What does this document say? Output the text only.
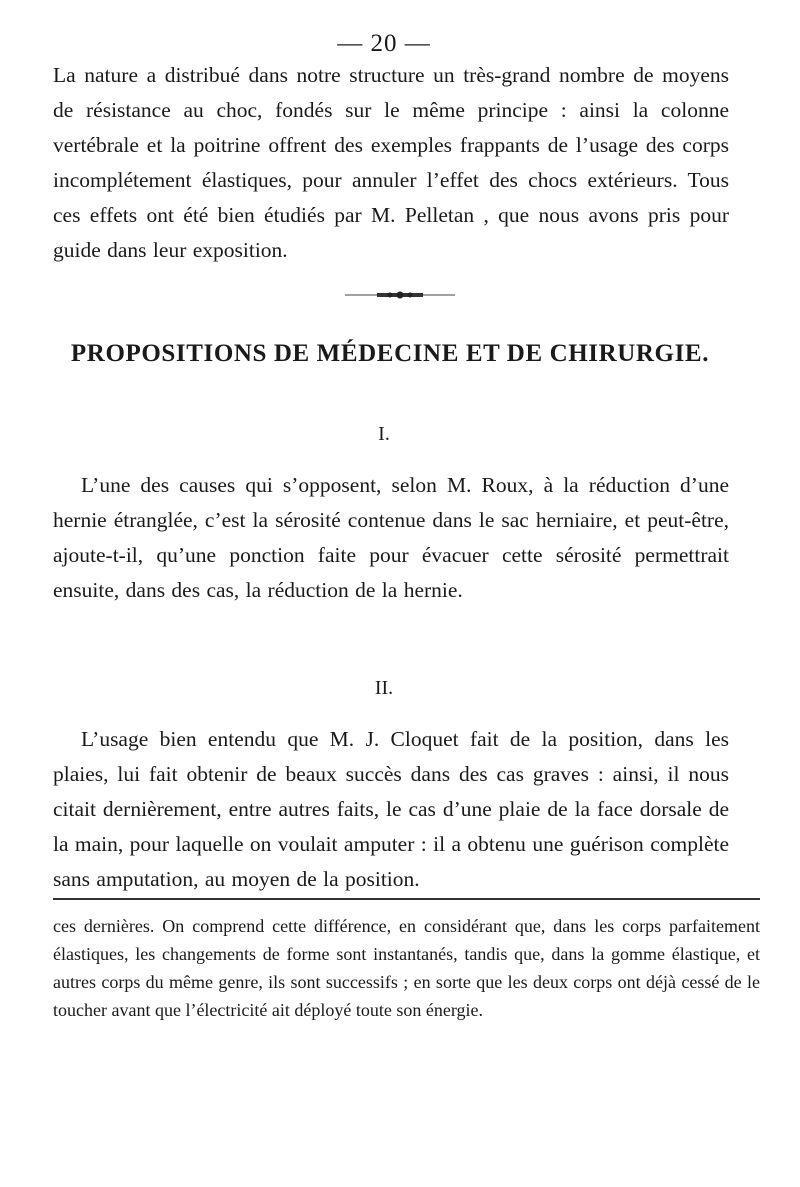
— 20 —

La nature a distribué dans notre structure un très-grand nombre de moyens de résistance au choc, fondés sur le même principe : ainsi la colonne vertébrale et la poitrine offrent des exemples frappants de l’usage des corps incomplétement élastiques, pour annuler l’effet des chocs extérieurs. Tous ces effets ont été bien étudiés par M. Pelletan , que nous avons pris pour guide dans leur exposition.

PROPOSITIONS DE MÉDECINE ET DE CHIRURGIE.
I.

L’une des causes qui s’opposent, selon M. Roux, à la réduction d’une hernie étranglée, c’est la sérosité contenue dans le sac herniaire, et peut-être, ajoute-t-il, qu’une ponction faite pour évacuer cette sérosité permettrait ensuite, dans des cas, la réduction de la hernie.

II.

L’usage bien entendu que M. J. Cloquet fait de la position, dans les plaies, lui fait obtenir de beaux succès dans des cas graves : ainsi, il nous citait dernièrement, entre autres faits, le cas d’une plaie de la face dorsale de la main, pour laquelle on voulait amputer : il a obtenu une guérison complète sans amputation, au moyen de la position.

ces dernières. On comprend cette différence, en considérant que, dans les corps parfaitement élastiques, les changements de forme sont instantanés, tandis que, dans la gomme élastique, et autres corps du même genre, ils sont successifs ; en sorte que les deux corps ont déjà cessé de le toucher avant que l’électricité ait déployé toute son énergie.
